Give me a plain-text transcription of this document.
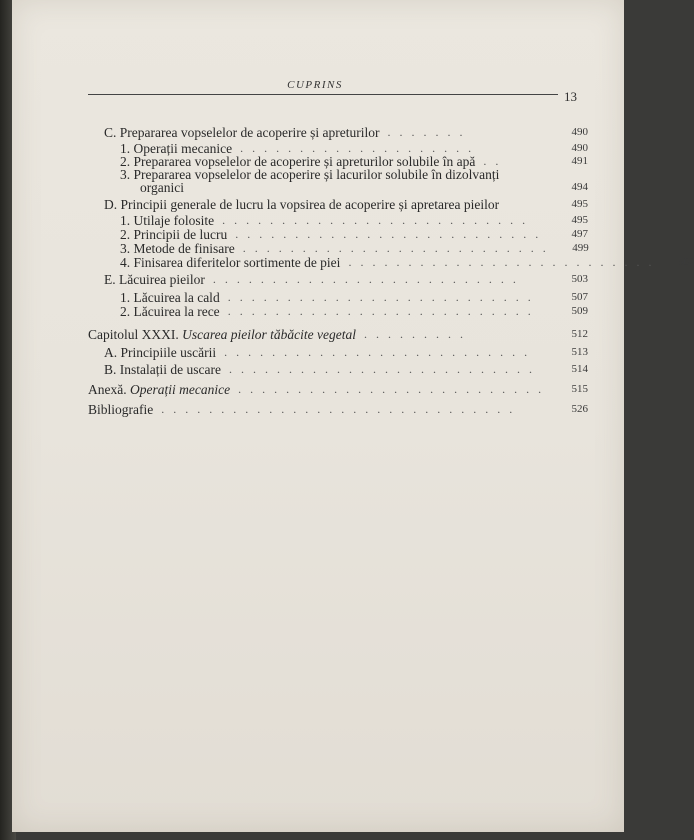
CUPRINS
13
C. Prepararea vopselelor de acoperire și apreturilor .......	490
1. Operații mecanice ....................	490
2. Prepararea vopselelor de acoperire și apreturilor solubile în apă ..	491
3. Prepararea vopselelor de acoperire și lacurilor solubile în dizolvanți
organici	494
D. Principii generale de lucru la vopsirea de acoperire și apretarea pieilor	495
1. Utilaje folosite ..........................	495
2. Principii de lucru ..........................	497
3. Metode de finisare ..........................	499
4. Finisarea diferitelor sortimente de piei ..........................	502
E. Lăcuirea pieilor ..........................	503
1. Lăcuirea la cald ..........................	507
2. Lăcuirea la rece ..........................	509
Capitolul XXXI. Uscarea pieilor tăbăcite vegetal .........	512
A. Principiile uscării ..........................	513
B. Instalații de uscare ..........................	514
Anexă. Operații mecanice ..........................	515
Bibliografie ..............................	526
